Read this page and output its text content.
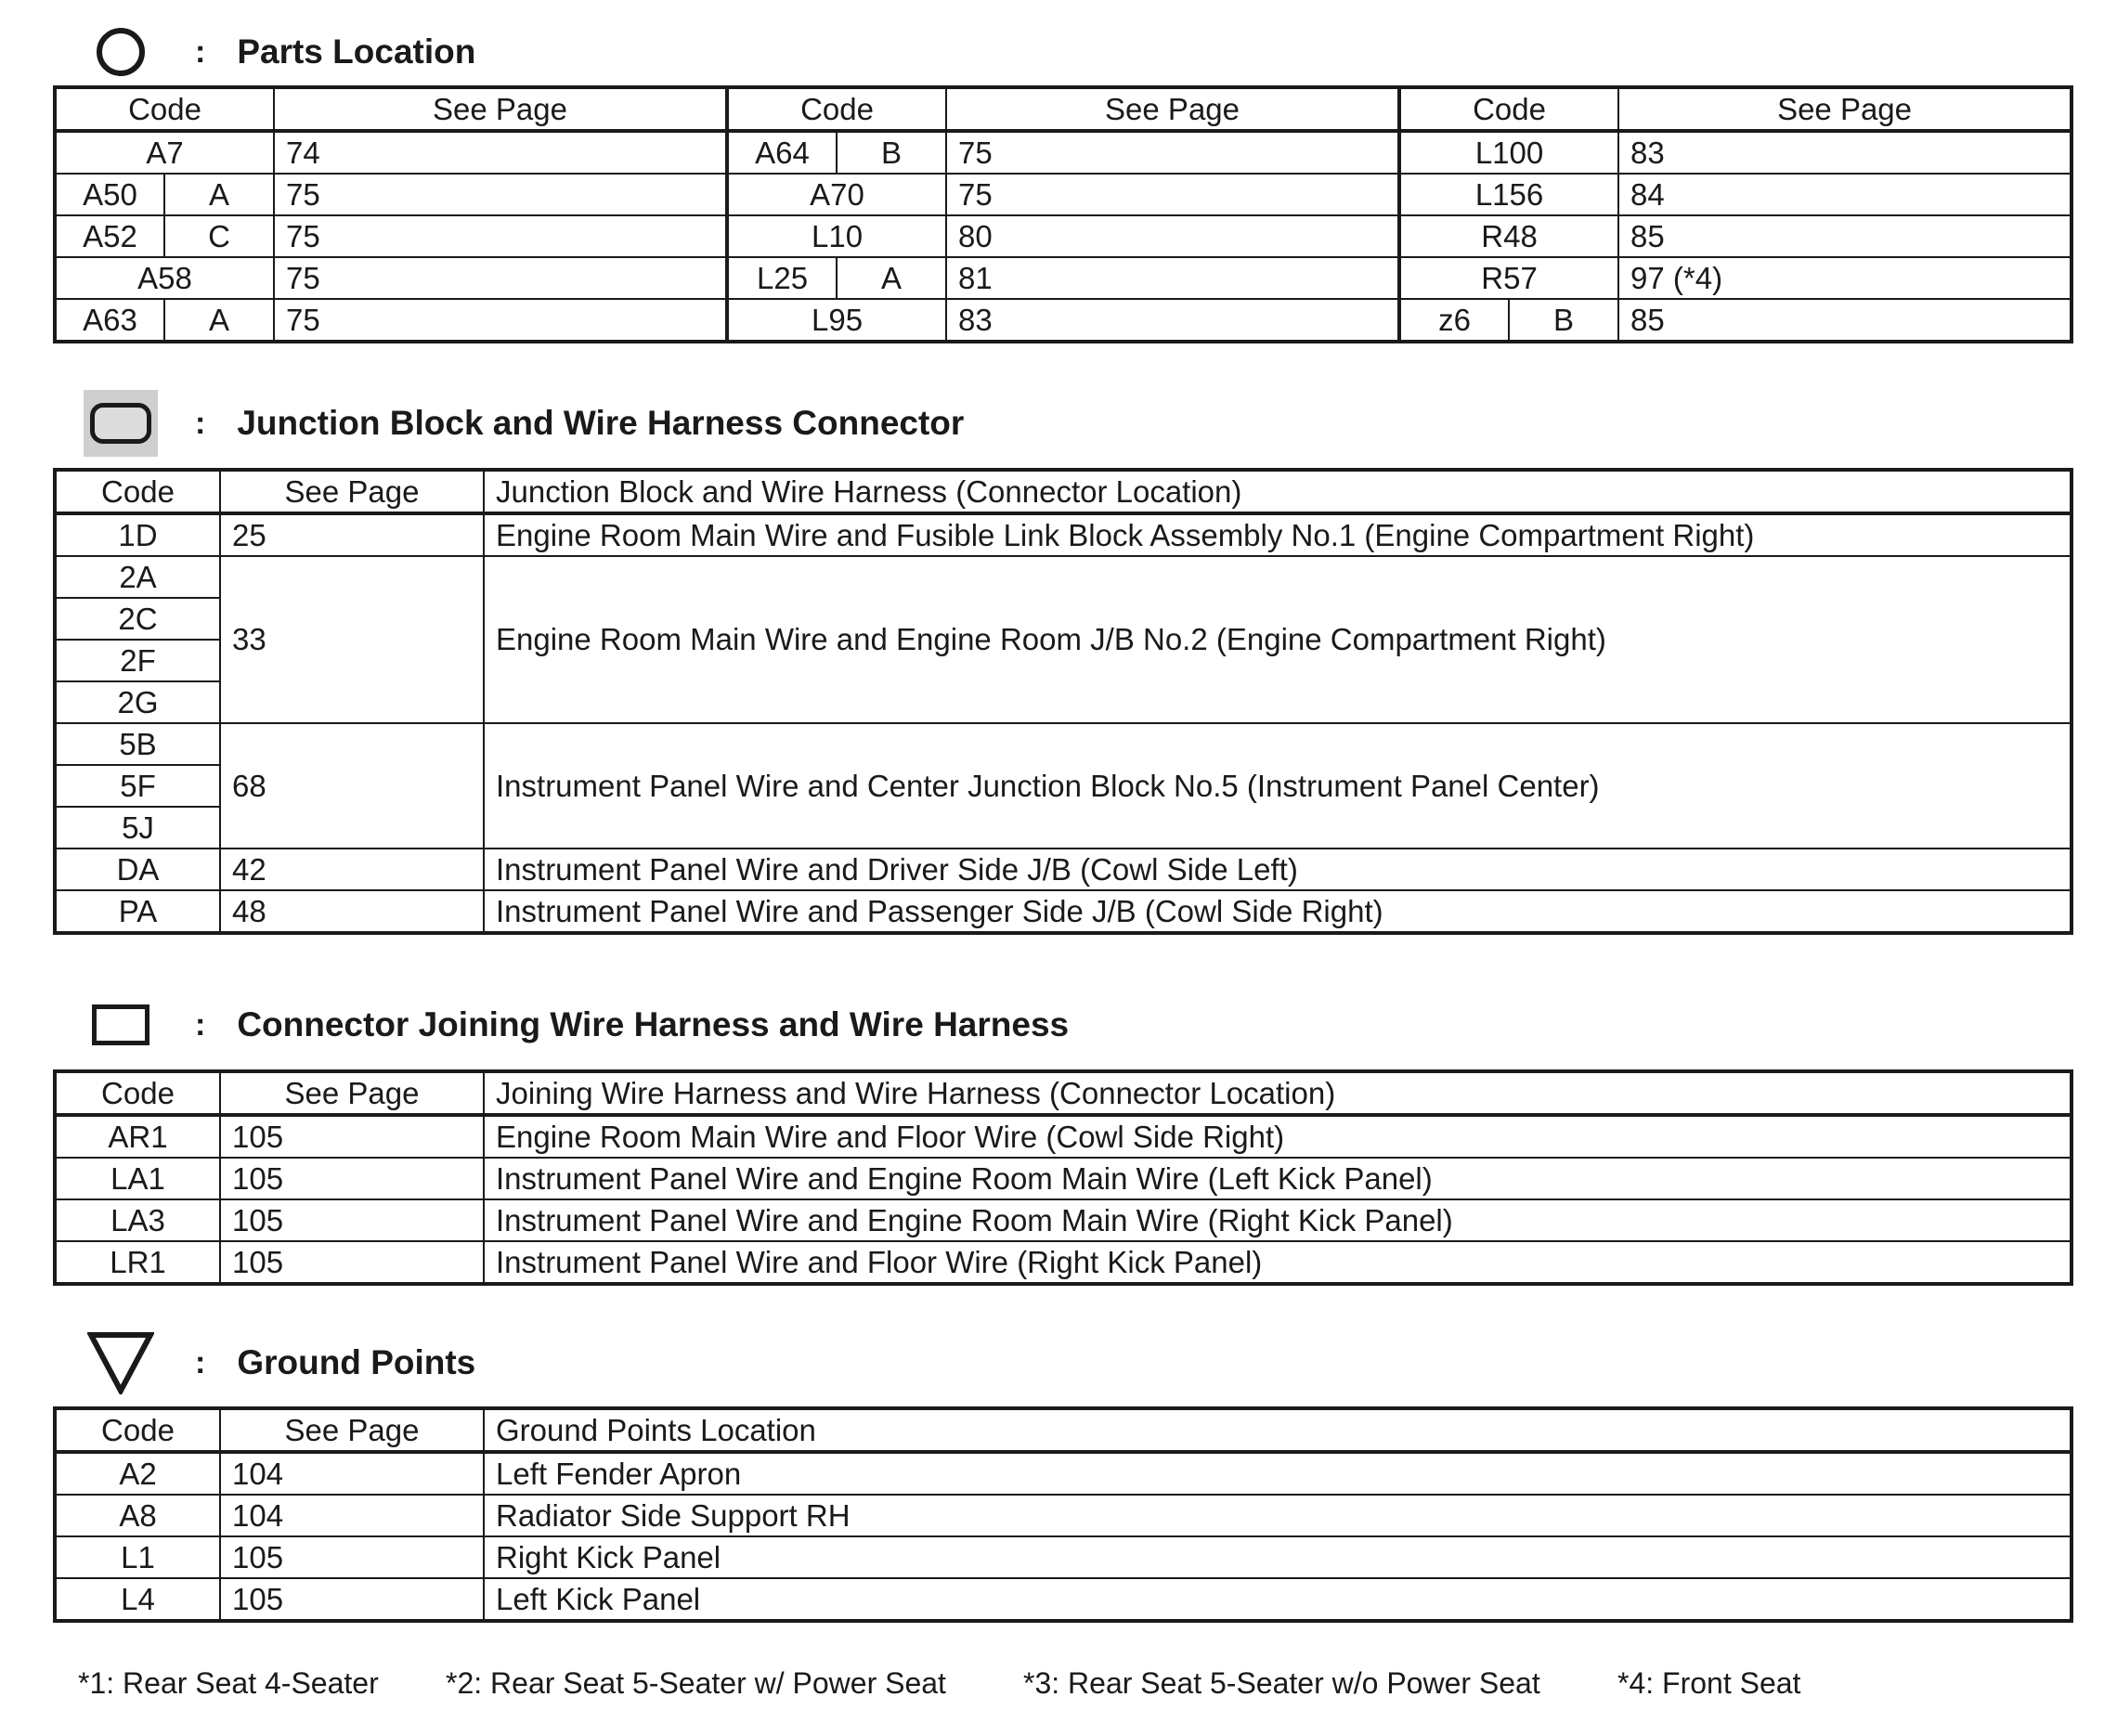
: Parts Location
Code		See Page	Code		See Page	Code		See Page
A7		74	A64	B	75	L100		83
A50	A	75	A70		75	L156		84
A52	C	75	L10		80	R48		85
A58		75	L25	A	81	R57		97 (*4)
A63	A	75	L95		83	z6	B	85
: Junction Block and Wire Harness Connector
Code	See Page	Junction Block and Wire Harness (Connector Location)
1D	25	Engine Room Main Wire and Fusible Link Block Assembly No.1 (Engine Compartment Right)
2A	33	Engine Room Main Wire and Engine Room J/B No.2 (Engine Compartment Right)
2C		
2F		
2G		
5B	68	Instrument Panel Wire and Center Junction Block No.5 (Instrument Panel Center)
5F		
5J		
DA	42	Instrument Panel Wire and Driver Side J/B (Cowl Side Left)
PA	48	Instrument Panel Wire and Passenger Side J/B (Cowl Side Right)
: Connector Joining Wire Harness and Wire Harness
Code	See Page	Joining Wire Harness and Wire Harness (Connector Location)
AR1	105	Engine Room Main Wire and Floor Wire (Cowl Side Right)
LA1	105	Instrument Panel Wire and Engine Room Main Wire (Left Kick Panel)
LA3	105	Instrument Panel Wire and Engine Room Main Wire (Right Kick Panel)
LR1	105	Instrument Panel Wire and Floor Wire (Right Kick Panel)
: Ground Points
Code	See Page	Ground Points Location
A2	104	Left Fender Apron
A8	104	Radiator Side Support RH
L1	105	Right Kick Panel
L4	105	Left Kick Panel
*1: Rear Seat 4-Seater	*2: Rear Seat 5-Seater w/ Power Seat	*3: Rear Seat 5-Seater w/o Power Seat	*4: Front Seat
